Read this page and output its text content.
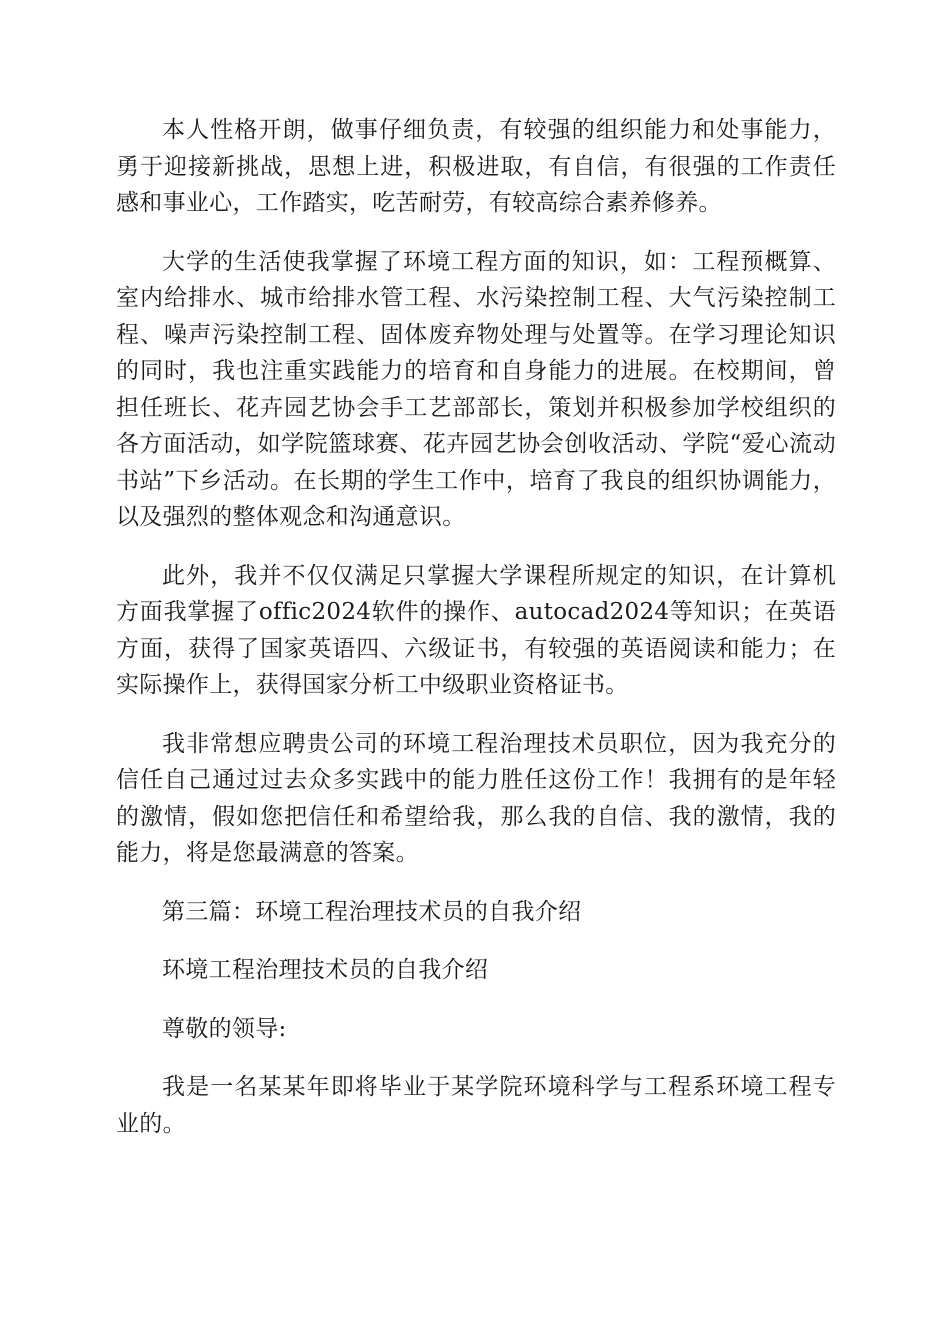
本人性格开朗，做事仔细负责，有较强的组织能力和处事能力，勇于迎接新挑战，思想上进，积极进取，有自信，有很强的工作责任感和事业心，工作踏实，吃苦耐劳，有较高综合素养修养。

大学的生活使我掌握了环境工程方面的知识，如：工程预概算、室内给排水、城市给排水管工程、水污染控制工程、大气污染控制工程、噪声污染控制工程、固体废弃物处理与处置等。在学习理论知识的同时，我也注重实践能力的培育和自身能力的进展。在校期间，曾担任班长、花卉园艺协会手工艺部部长，策划并积极参加学校组织的各方面活动，如学院篮球赛、花卉园艺协会创收活动、学院“爱心流动书站”下乡活动。在长期的学生工作中，培育了我良的组织协调能力，以及强烈的整体观念和沟通意识。

此外，我并不仅仅满足只掌握大学课程所规定的知识，在计算机方面我掌握了offic2024软件的操作、autocad2024等知识；在英语方面，获得了国家英语四、六级证书，有较强的英语阅读和能力；在实际操作上，获得国家分析工中级职业资格证书。

我非常想应聘贵公司的环境工程治理技术员职位，因为我充分的信任自己通过过去众多实践中的能力胜任这份工作！我拥有的是年轻的激情，假如您把信任和希望给我，那么我的自信、我的激情，我的能力，将是您最满意的答案。

第三篇：环境工程治理技术员的自我介绍

环境工程治理技术员的自我介绍

尊敬的领导:

我是一名某某年即将毕业于某学院环境科学与工程系环境工程专业的。
